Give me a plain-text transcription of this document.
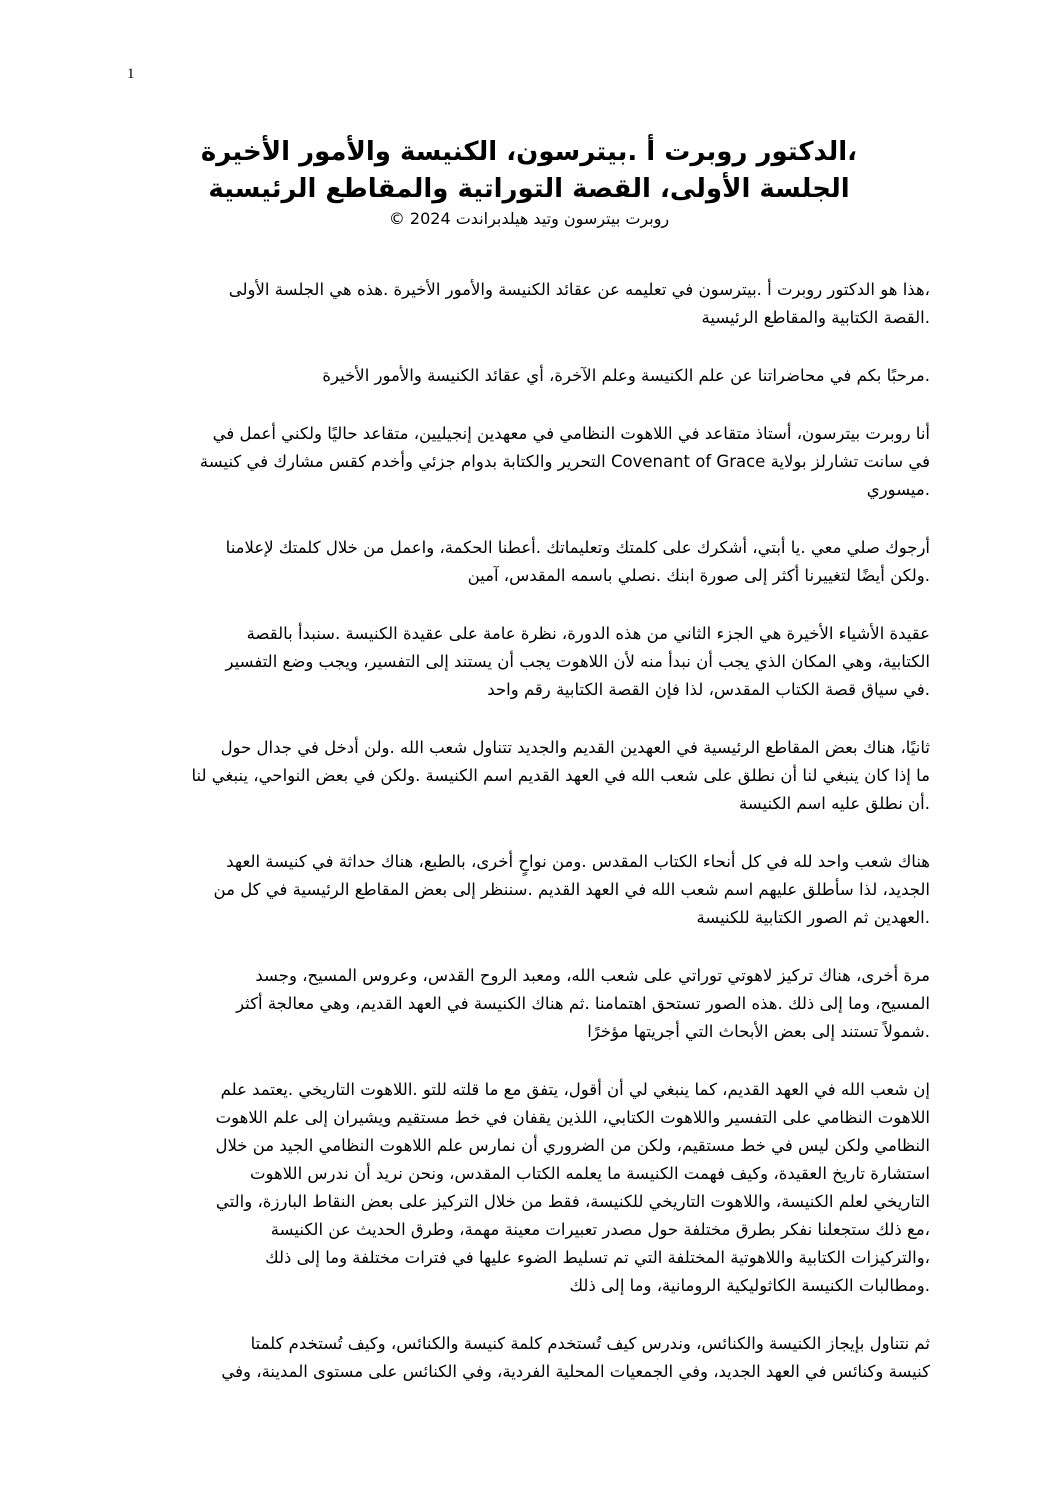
1
،الدكتور روبرت أ .بيترسون، الكنيسة والأمور الأخيرة
الجلسة الأولى، القصة التوراتية والمقاطع الرئيسية
روبرت بيترسون وتيد هيلدبراندت 2024 ©

،هذا هو الدكتور روبرت أ .بيترسون في تعليمه عن عقائد الكنيسة والأمور الأخيرة .هذه هي الجلسة الأولى
.القصة الكتابية والمقاطع الرئيسية

.مرحبًا بكم في محاضراتنا عن علم الكنيسة وعلم الآخرة، أي عقائد الكنيسة والأمور الأخيرة

أنا روبرت بيترسون، أستاذ متقاعد في اللاهوت النظامي في معهدين إنجيليين، متقاعد حاليًا ولكني أعمل في
في سانت تشارلز بولاية Covenant of Grace التحرير والكتابة بدوام جزئي وأخدم كقس مشارك في كنيسة
.ميسوري

أرجوك صلي معي .يا أبتي، أشكرك على كلمتك وتعليماتك .أعطنا الحكمة، واعمل من خلال كلمتك لإعلامنا
.ولكن أيضًا لتغييرنا أكثر إلى صورة ابنك .نصلي باسمه المقدس، آمين

عقيدة الأشياء الأخيرة هي الجزء الثاني من هذه الدورة، نظرة عامة على عقيدة الكنيسة .سنبدأ بالقصة
الكتابية، وهي المكان الذي يجب أن نبدأ منه لأن اللاهوت يجب أن يستند إلى التفسير، ويجب وضع التفسير
.في سياق قصة الكتاب المقدس، لذا فإن القصة الكتابية رقم واحد

ثانيًا، هناك بعض المقاطع الرئيسية في العهدين القديم والجديد تتناول شعب الله .ولن أدخل في جدال حول
ما إذا كان ينبغي لنا أن نطلق على شعب الله في العهد القديم اسم الكنيسة .ولكن في بعض النواحي، ينبغي لنا
.أن نطلق عليه اسم الكنيسة

هناك شعب واحد لله في كل أنحاء الكتاب المقدس .ومن نواحٍ أخرى، بالطبع، هناك حداثة في كنيسة العهد
الجديد، لذا سأطلق عليهم اسم شعب الله في العهد القديم .سننظر إلى بعض المقاطع الرئيسية في كل من
.العهدين ثم الصور الكتابية للكنيسة

مرة أخرى، هناك تركيز لاهوتي توراتي على شعب الله، ومعبد الروح القدس، وعروس المسيح، وجسد
المسيح، وما إلى ذلك .هذه الصور تستحق اهتمامنا .ثم هناك الكنيسة في العهد القديم، وهي معالجة أكثر
.شمولاً تستند إلى بعض الأبحاث التي أجريتها مؤخرًا

إن شعب الله في العهد القديم، كما ينبغي لي أن أقول، يتفق مع ما قلته للتو .اللاهوت التاريخي .يعتمد علم
اللاهوت النظامي على التفسير واللاهوت الكتابي، اللذين يقفان في خط مستقيم ويشيران إلى علم اللاهوت
النظامي ولكن ليس في خط مستقيم، ولكن من الضروري أن نمارس علم اللاهوت النظامي الجيد من خلال
استشارة تاريخ العقيدة، وكيف فهمت الكنيسة ما يعلمه الكتاب المقدس، ونحن نريد أن ندرس اللاهوت
التاريخي لعلم الكنيسة، واللاهوت التاريخي للكنيسة، فقط من خلال التركيز على بعض النقاط البارزة، والتي
،مع ذلك ستجعلنا نفكر بطرق مختلفة حول مصدر تعبيرات معينة مهمة، وطرق الحديث عن الكنيسة
،والتركيزات الكتابية واللاهوتية المختلفة التي تم تسليط الضوء عليها في فترات مختلفة وما إلى ذلك
.ومطالبات الكنيسة الكاثوليكية الرومانية، وما إلى ذلك

ثم نتناول بإيجاز الكنيسة والكنائس، وندرس كيف تُستخدم كلمة كنيسة والكنائس، وكيف تُستخدم كلمتا
كنيسة وكنائس في العهد الجديد، وفي الجمعيات المحلية الفردية، وفي الكنائس على مستوى المدينة، وفي
